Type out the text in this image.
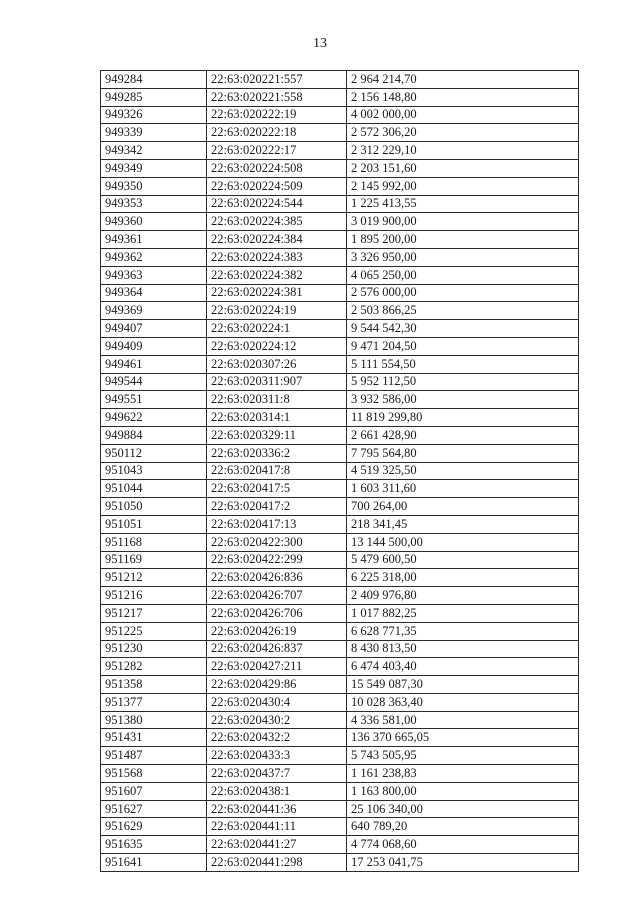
13
949284	22:63:020221:557	2 964 214,70
949285	22:63:020221:558	2 156 148,80
949326	22:63:020222:19	4 002 000,00
949339	22:63:020222:18	2 572 306,20
949342	22:63:020222:17	2 312 229,10
949349	22:63:020224:508	2 203 151,60
949350	22:63:020224:509	2 145 992,00
949353	22:63:020224:544	1 225 413,55
949360	22:63:020224:385	3 019 900,00
949361	22:63:020224:384	1 895 200,00
949362	22:63:020224:383	3 326 950,00
949363	22:63:020224:382	4 065 250,00
949364	22:63:020224:381	2 576 000,00
949369	22:63:020224:19	2 503 866,25
949407	22:63:020224:1	9 544 542,30
949409	22:63:020224:12	9 471 204,50
949461	22:63:020307:26	5 111 554,50
949544	22:63:020311:907	5 952 112,50
949551	22:63:020311:8	3 932 586,00
949622	22:63:020314:1	11 819 299,80
949884	22:63:020329:11	2 661 428,90
950112	22:63:020336:2	7 795 564,80
951043	22:63:020417:8	4 519 325,50
951044	22:63:020417:5	1 603 311,60
951050	22:63:020417:2	700 264,00
951051	22:63:020417:13	218 341,45
951168	22:63:020422:300	13 144 500,00
951169	22:63:020422:299	5 479 600,50
951212	22:63:020426:836	6 225 318,00
951216	22:63:020426:707	2 409 976,80
951217	22:63:020426:706	1 017 882,25
951225	22:63:020426:19	6 628 771,35
951230	22:63:020426:837	8 430 813,50
951282	22:63:020427:211	6 474 403,40
951358	22:63:020429:86	15 549 087,30
951377	22:63:020430:4	10 028 363,40
951380	22:63:020430:2	4 336 581,00
951431	22:63:020432:2	136 370 665,05
951487	22:63:020433:3	5 743 505,95
951568	22:63:020437:7	1 161 238,83
951607	22:63:020438:1	1 163 800,00
951627	22:63:020441:36	25 106 340,00
951629	22:63:020441:11	640 789,20
951635	22:63:020441:27	4 774 068,60
951641	22:63:020441:298	17 253 041,75
